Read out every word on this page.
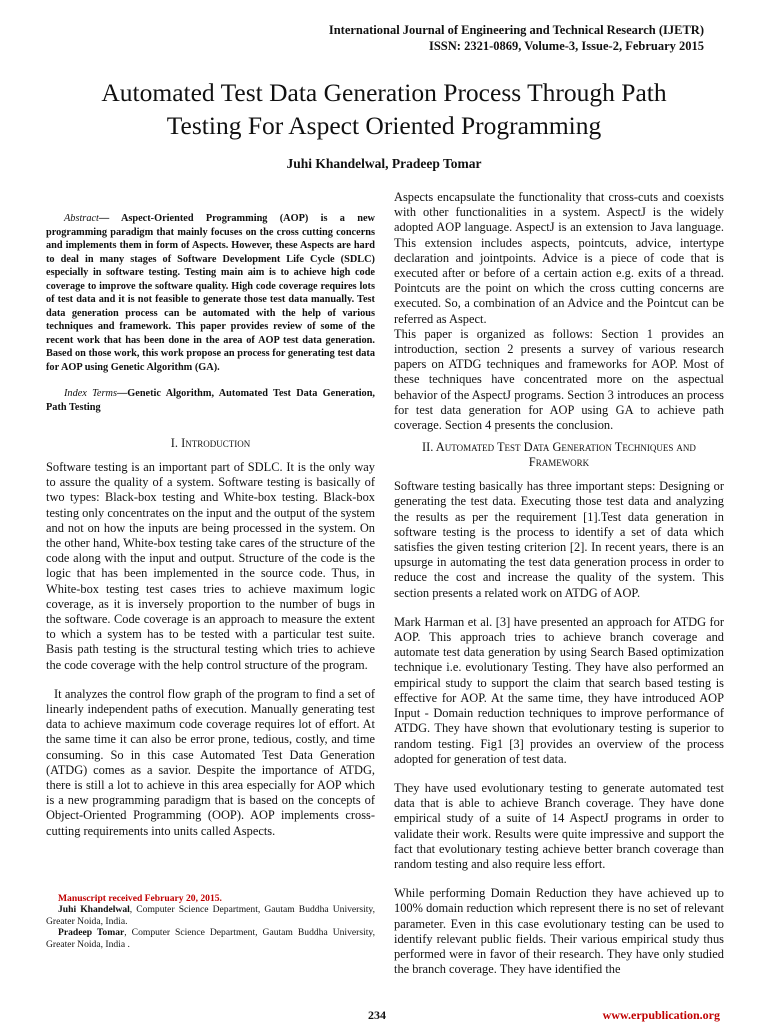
International Journal of Engineering and Technical Research (IJETR)
ISSN: 2321-0869, Volume-3, Issue-2, February 2015
Automated Test Data Generation Process Through Path
Testing For Aspect Oriented Programming
Juhi Khandelwal, Pradeep Tomar

Abstract— Aspect-Oriented Programming (AOP) is a new programming paradigm that mainly focuses on the cross cutting concerns and implements them in form of Aspects. However, these Aspects are hard to deal in many stages of Software Development Life Cycle (SDLC) especially in software testing. Testing main aim is to achieve high code coverage to improve the software quality. High code coverage requires lots of test data and it is not feasible to generate those test data manually. Test data generation process can be automated with the help of various techniques and framework. This paper provides review of some of the recent work that has been done in the area of AOP test data generation. Based on those work, this work propose an process for generating test data for AOP using Genetic Algorithm (GA).

Index Terms—Genetic Algorithm, Automated Test Data Generation, Path Testing

I. Introduction

Software testing is an important part of SDLC. It is the only way to assure the quality of a system. Software testing is basically of two types: Black-box testing and White-box testing. Black-box testing only concentrates on the input and the output of the system and not on how the inputs are being processed in the system. On the other hand, White-box testing take cares of the structure of the code along with the input and output. Structure of the code is the logic that has been implemented in the source code. Thus, in White-box testing test cases tries to achieve maximum logic coverage, as it is inversely proportion to the number of bugs in the software. Code coverage is an approach to measure the extent to which a system has to be tested with a particular test suite. Basis path testing is the structural testing which tries to achieve the code coverage with the help control structure of the program.

It analyzes the control flow graph of the program to find a set of linearly independent paths of execution. Manually generating test data to achieve maximum code coverage requires lot of effort. At the same time it can also be error prone, tedious, costly, and time consuming. So in this case Automated Test Data Generation (ATDG) comes as a savior. Despite the importance of ATDG, there is still a lot to achieve in this area especially for AOP which is a new programming paradigm that is based on the concepts of Object-Oriented Programming (OOP). AOP implements cross-cutting requirements into units called Aspects.

Manuscript received February 20, 2015.
Juhi Khandelwal, Computer Science Department, Gautam Buddha University, Greater Noida, India.
Pradeep Tomar, Computer Science Department, Gautam Buddha University, Greater Noida, India .

Aspects encapsulate the functionality that cross-cuts and coexists with other functionalities in a system. AspectJ is the widely adopted AOP language. AspectJ is an extension to Java language. This extension includes aspects, pointcuts, advice, intertype declaration and jointpoints. Advice is a piece of code that is executed after or before of a certain action e.g. exits of a thread. Pointcuts are the point on which the cross cutting concerns are executed. So, a combination of an Advice and the Pointcut can be referred as Aspect.

This paper is organized as follows: Section 1 provides an introduction, section 2 presents a survey of various research papers on ATDG techniques and frameworks for AOP. Most of these techniques have concentrated more on the aspectual behavior of the AspectJ programs. Section 3 introduces an process for test data generation for AOP using GA to achieve path coverage. Section 4 presents the conclusion.

II. Automated Test Data Generation Techniques and
Framework

Software testing basically has three important steps: Designing or generating the test data. Executing those test data and analyzing the results as per the requirement [1].Test data generation in software testing is the process to identify a set of data which satisfies the given testing criterion [2]. In recent years, there is an upsurge in automating the test data generation process in order to reduce the cost and increase the quality of the system. This section presents a related work on ATDG of AOP.

Mark Harman et al. [3] have presented an approach for ATDG for AOP. This approach tries to achieve branch coverage and automate test data generation by using Search Based optimization technique i.e. evolutionary Testing. They have also performed an empirical study to support the claim that search based testing is effective for AOP. At the same time, they have introduced AOP Input - Domain reduction techniques to improve performance of ATDG. They have shown that evolutionary testing is superior to random testing. Fig1 [3] provides an overview of the process adopted for generation of test data.

They have used evolutionary testing to generate automated test data that is able to achieve Branch coverage. They have done empirical study of a suite of 14 AspectJ programs in order to validate their work. Results were quite impressive and support the fact that evolutionary testing achieve better branch coverage than random testing and also require less effort.

While performing Domain Reduction they have achieved up to 100% domain reduction which represent there is no set of relevant parameter. Even in this case evolutionary testing can be used to identify relevant public fields. Their various empirical study thus performed were in favor of their research. They have only studied the branch coverage. They have identified the

234	www.erpublication.org
